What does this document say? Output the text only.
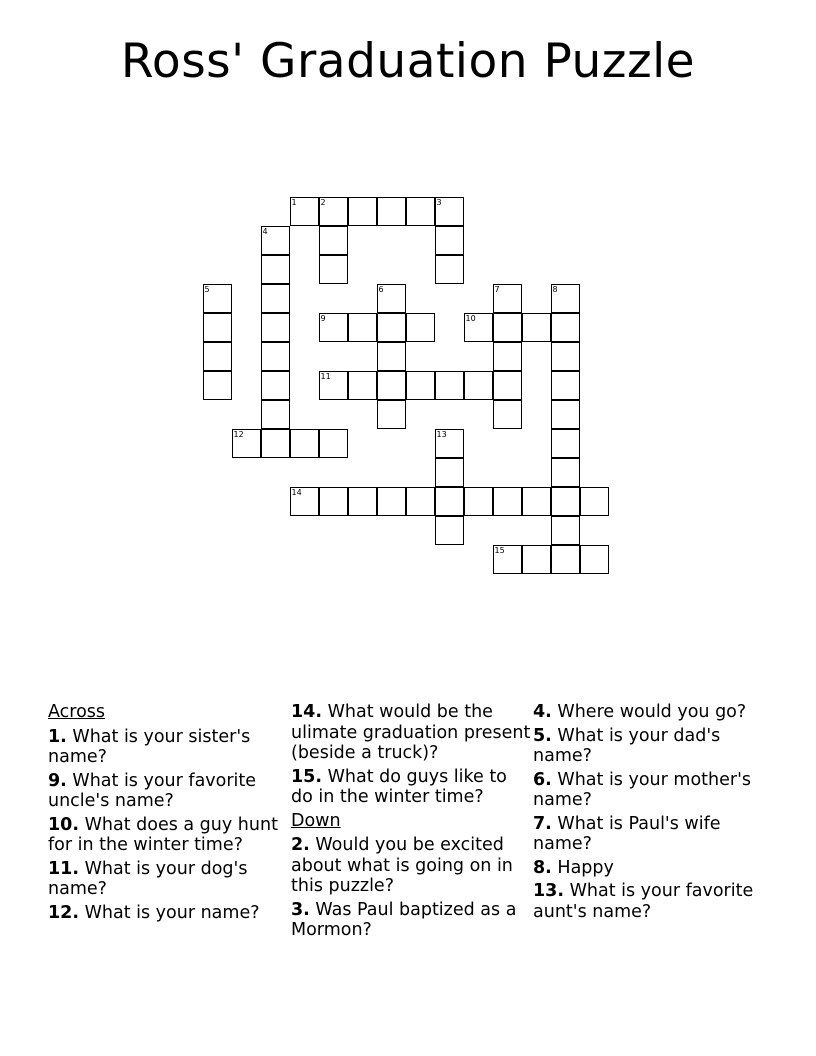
Ross' Graduation Puzzle
1	2	3
4
5	6	7	8
9	10
11
12	13
14
15
Across
1. What is your sister's name?
9. What is your favorite uncle's name?
10. What does a guy hunt for in the winter time?
11. What is your dog's name?
12. What is your name?
14. What would be the ulimate graduation present (beside a truck)?
15. What do guys like to do in the winter time?
Down
2. Would you be excited about what is going on in this puzzle?
3. Was Paul baptized as a Mormon?
4. Where would you go?
5. What is your dad's name?
6. What is your mother's name?
7. What is Paul's wife name?
8. Happy
13. What is your favorite aunt's name?
